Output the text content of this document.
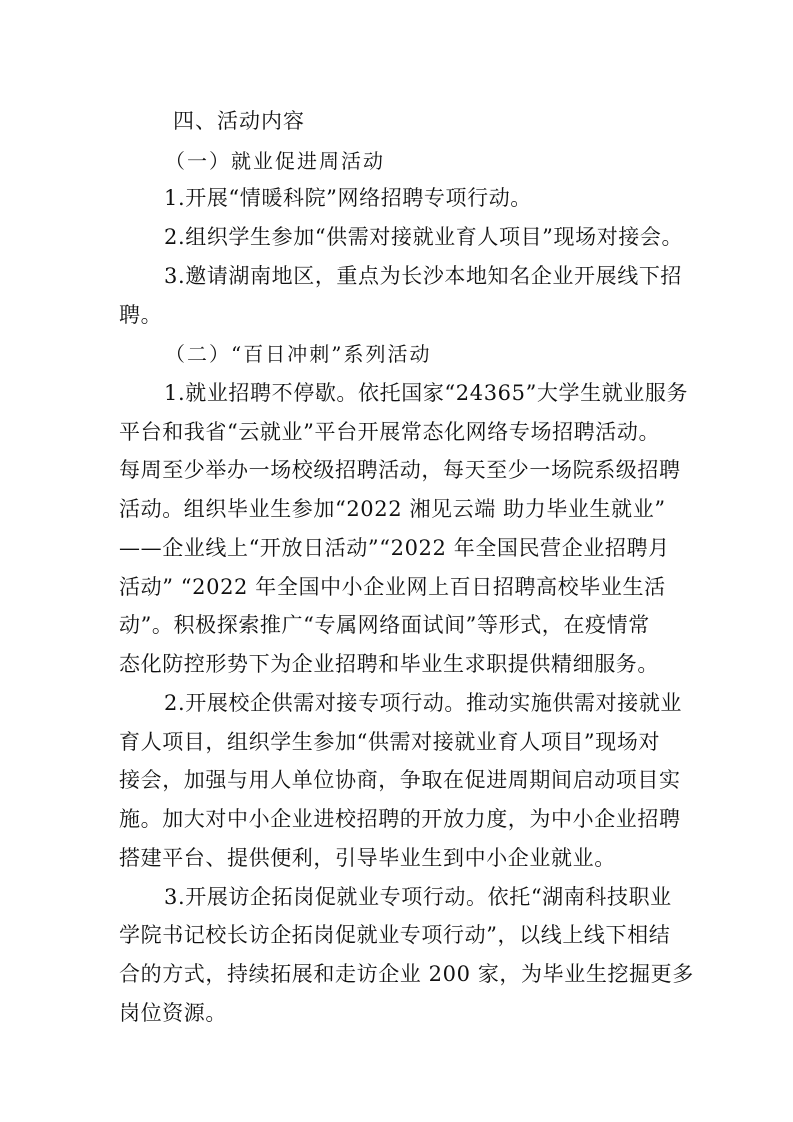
四、活动内容
（一）就业促进周活动
1.开展“情暖科院”网络招聘专项行动。
2.组织学生参加“供需对接就业育人项目”现场对接会。
3.邀请湖南地区，重点为长沙本地知名企业开展线下招
聘。
（二）“百日冲刺”系列活动
1.就业招聘不停歇。依托国家“24365”大学生就业服务
平台和我省“云就业”平台开展常态化网络专场招聘活动。
每周至少举办一场校级招聘活动，每天至少一场院系级招聘
活动。组织毕业生参加“2022 湘见云端 助力毕业生就业”
——企业线上“开放日活动”“2022 年全国民营企业招聘月
活动” “2022 年全国中小企业网上百日招聘高校毕业生活
动”。积极探索推广“专属网络面试间”等形式，在疫情常
态化防控形势下为企业招聘和毕业生求职提供精细服务。
2.开展校企供需对接专项行动。推动实施供需对接就业
育人项目，组织学生参加“供需对接就业育人项目”现场对
接会，加强与用人单位协商，争取在促进周期间启动项目实
施。加大对中小企业进校招聘的开放力度，为中小企业招聘
搭建平台、提供便利，引导毕业生到中小企业就业。
3.开展访企拓岗促就业专项行动。依托“湖南科技职业
学院书记校长访企拓岗促就业专项行动”，以线上线下相结
合的方式，持续拓展和走访企业 200 家，为毕业生挖掘更多
岗位资源。
